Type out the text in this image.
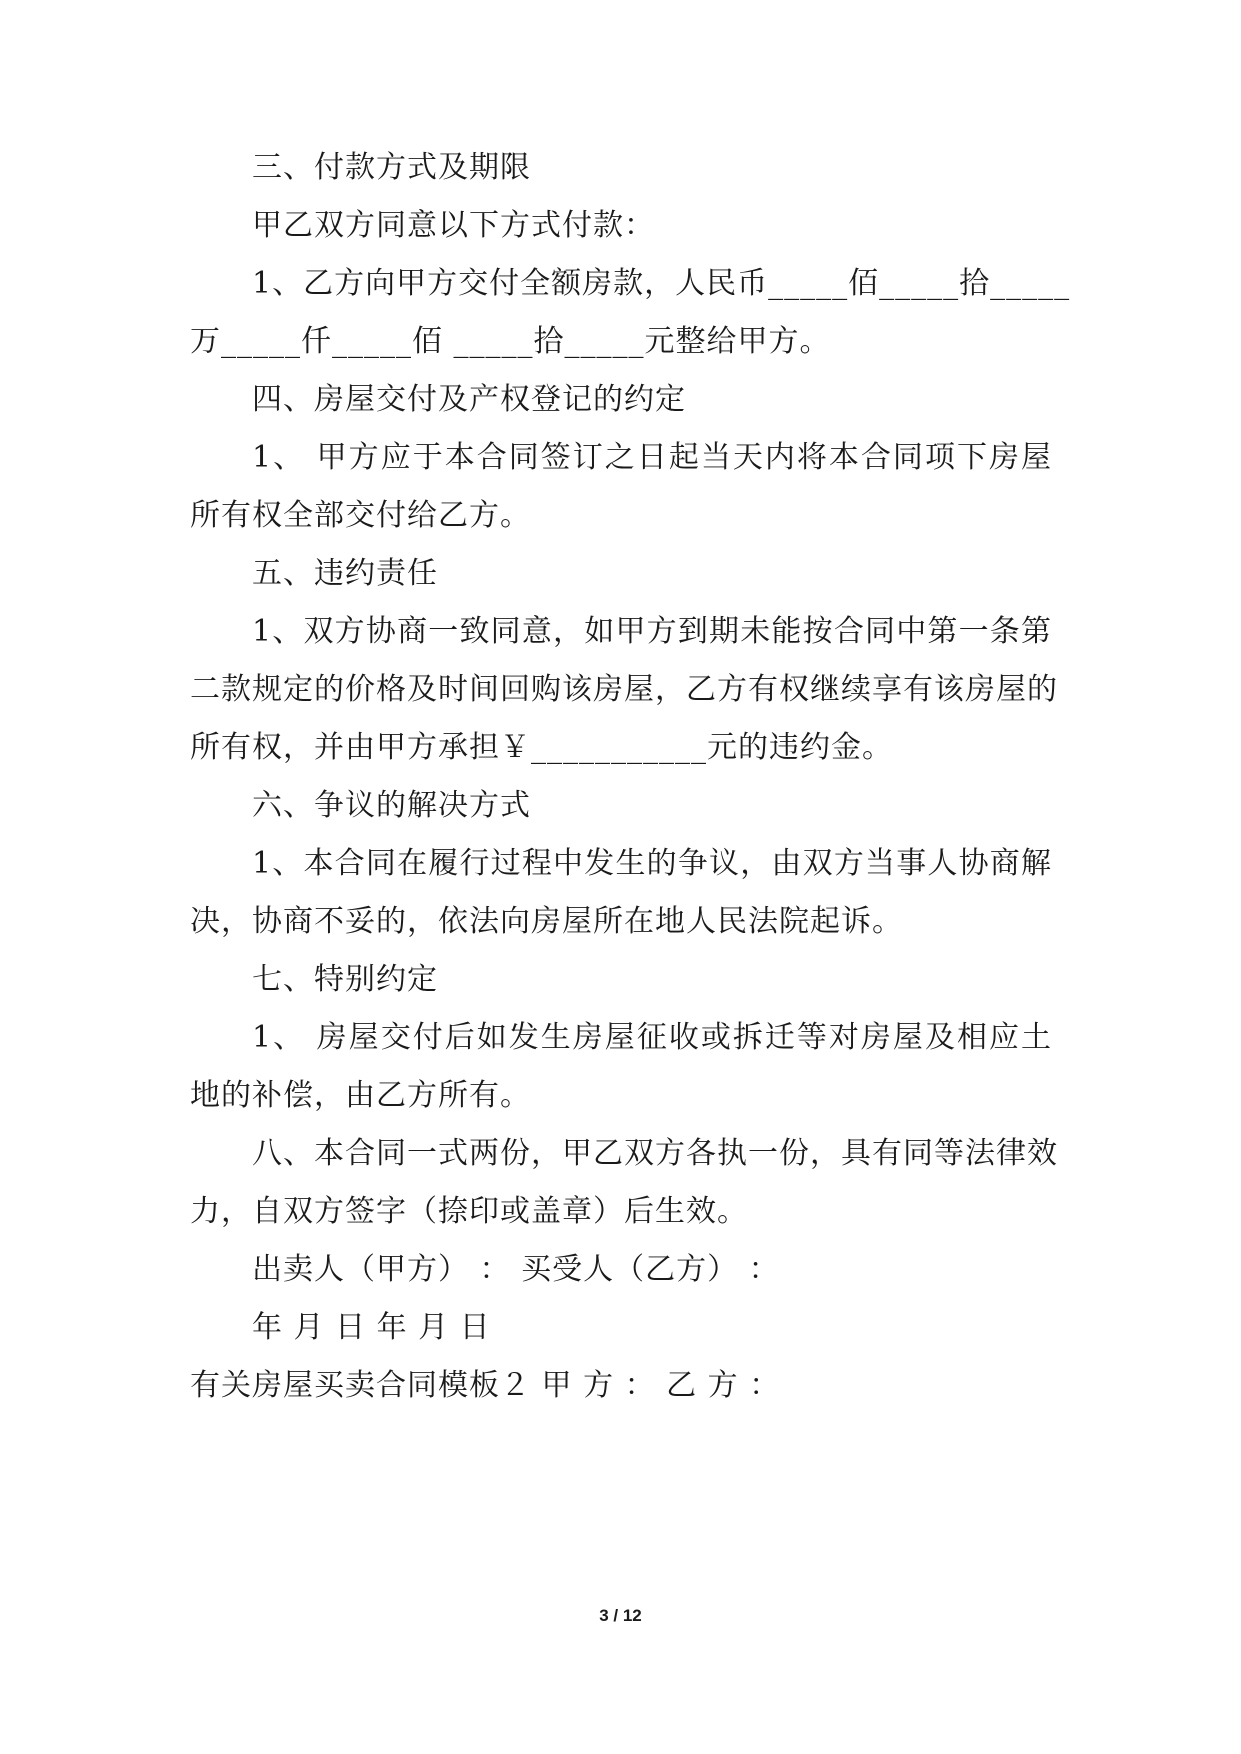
三、付款方式及期限
甲乙双方同意以下方式付款：
1、乙方向甲方交付全额房款，人民币_____佰_____拾_____
万_____仟_____佰 _____拾_____元整给甲方。
四、房屋交付及产权登记的约定
1、 甲方应于本合同签订之日起当天内将本合同项下房屋
所有权全部交付给乙方。
五、违约责任
1、双方协商一致同意，如甲方到期未能按合同中第一条第
二款规定的价格及时间回购该房屋，乙方有权继续享有该房屋的
所有权，并由甲方承担￥___________元的违约金。
六、争议的解决方式
1、本合同在履行过程中发生的争议，由双方当事人协商解
决，协商不妥的，依法向房屋所在地人民法院起诉。
七、特别约定
1、 房屋交付后如发生房屋征收或拆迁等对房屋及相应土
地的补偿，由乙方所有。
八、本合同一式两份，甲乙双方各执一份，具有同等法律效
力，自双方签字（捺印或盖章）后生效。
出卖人（甲方） ： 买受人（乙方） ：
年 月 日 年 月 日
有关房屋买卖合同模板２ 甲 方 ： 乙 方 ：
3 / 12
